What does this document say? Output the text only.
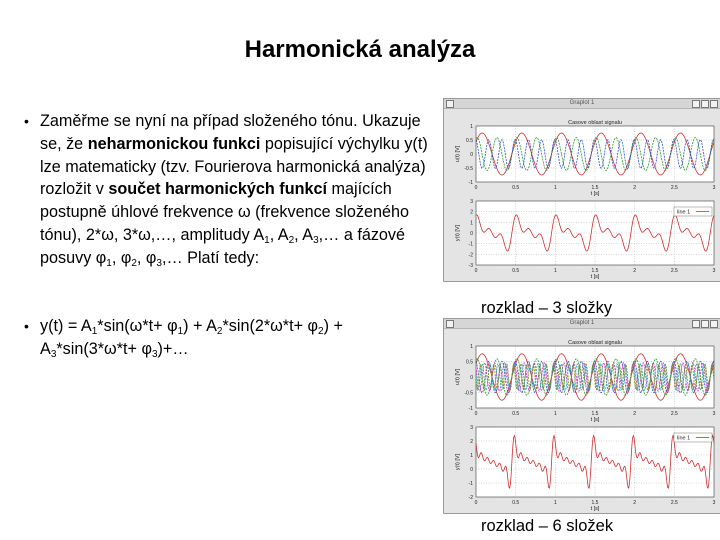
Harmonická analýza
• Zaměřme se nyní na případ složeného tónu. Ukazuje se, že neharmonickou funkci popisující výchylku y(t) lze matematicky (tzv. Fourierova harmonická analýza) rozložit v součet harmonických funkcí majících postupně úhlové frekvence ω (frekvence složeného tónu), 2*ω, 3*ω,…, amplitudy $A_1$, $A_2$, $A_3,\dots$ a fázové posuvy $\varphi_1$, $\varphi_2$, $\varphi_3,\dots$ Platí tedy:
• $y(t) = A_1*\sin(\omega*t+ \varphi_1) + A_2*\sin(2*\omega*t+ \varphi_2) + A_3*\sin(3*\omega*t+$ $\varphi_3)+\dots$
Graplot 1
1
0.5
0
-0.5
-1
Casove oblast signalu
u(t) [V]
0	0.5	1	1.5	2	2.5	3
t [s]
3
2
1
0
-1
-2
-3
y(t) [V]
line 1
0	0.5	1	1.5	2	2.5	3
t [s]
rozklad – 3 složky
Graplot 1
1
0.5
0
-0.5
-1
Casove oblast signalu
u(t) [V]
0	0.5	1	1.5	2	2.5	3
t [s]
3
2
1
0
-1
-2
y(t) [V]
line 1
0	0.5	1	1.5	2	2.5	3
t [s]
rozklad – 6 složek
